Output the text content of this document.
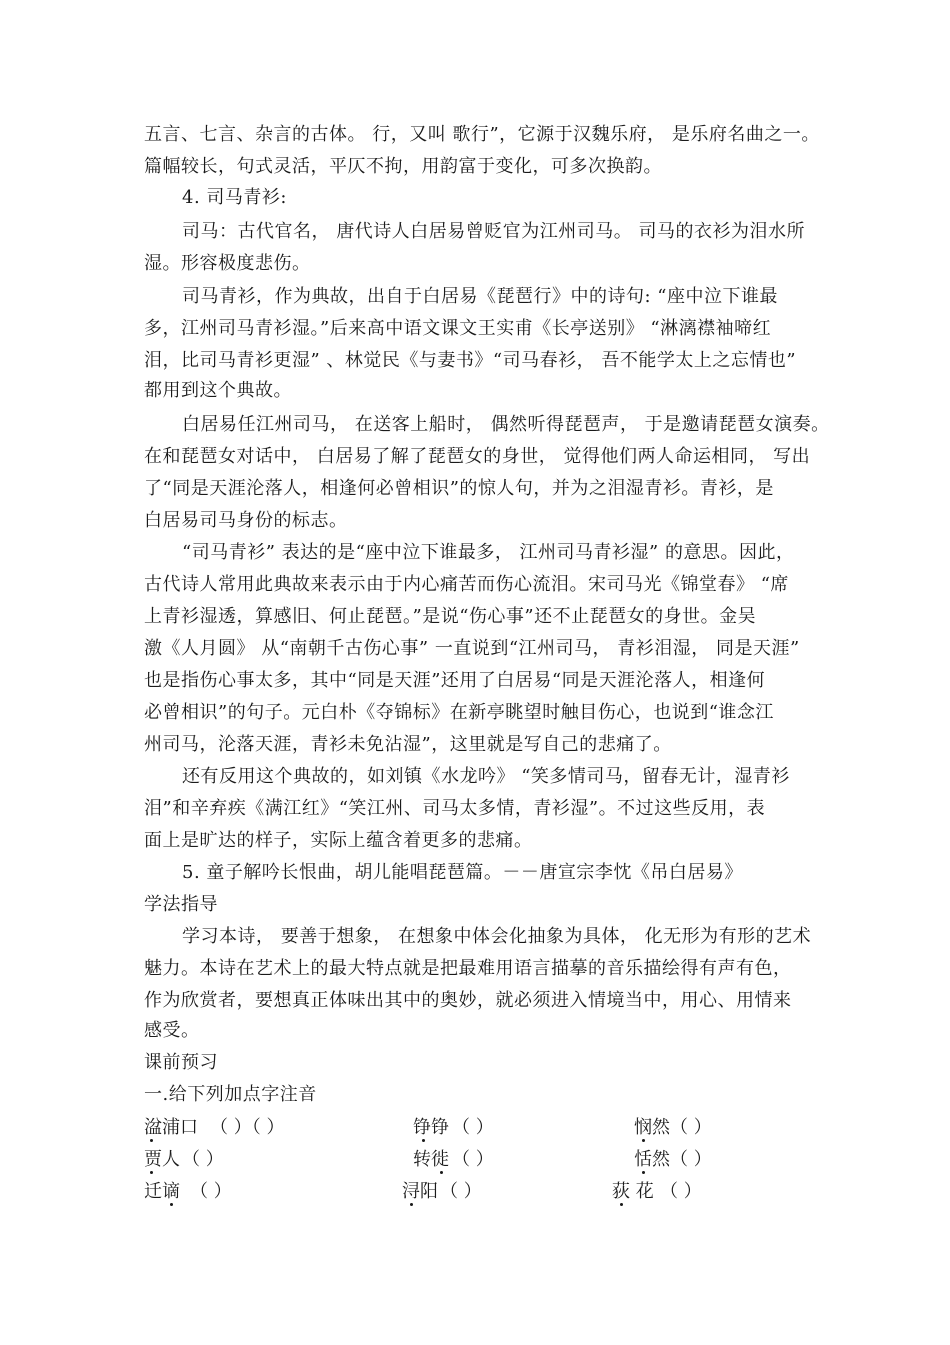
五言、七言、杂言的古体。 行，又叫 歌行”，它源于汉魏乐府， 是乐府名曲之一。
篇幅较长，句式灵活，平仄不拘，用韵富于变化，可多次换韵。
4. 司马青衫:
司马：古代官名， 唐代诗人白居易曾贬官为江州司马。 司马的衣衫为泪水所
湿。形容极度悲伤。
司马青衫，作为典故，出自于白居易《琵琶行》中的诗句: “座中泣下谁最
多，江州司马青衫湿。”后来高中语文课文王实甫《长亭送别》 “淋漓襟袖啼红
泪，比司马青衫更湿” 、林觉民《与妻书》“司马春衫， 吾不能学太上之忘情也”
都用到这个典故。
白居易任江州司马， 在送客上船时， 偶然听得琵琶声， 于是邀请琵琶女演奏。
在和琵琶女对话中， 白居易了解了琵琶女的身世， 觉得他们两人命运相同， 写出
了“同是天涯沦落人，相逢何必曾相识”的惊人句，并为之泪湿青衫。青衫，是
白居易司马身份的标志。
“司马青衫” 表达的是“座中泣下谁最多， 江州司马青衫湿” 的意思。因此，
古代诗人常用此典故来表示由于内心痛苦而伤心流泪。宋司马光《锦堂春》 “席
上青衫湿透，算感旧、何止琵琶。”是说“伤心事”还不止琵琶女的身世。金吴
激《人月圆》 从“南朝千古伤心事” 一直说到“江州司马， 青衫泪湿， 同是天涯”
也是指伤心事太多，其中“同是天涯”还用了白居易“同是天涯沦落人，相逢何
必曾相识”的句子。元白朴《夺锦标》在新亭眺望时触目伤心，也说到“谁念江
州司马，沦落天涯，青衫未免沾湿”，这里就是写自己的悲痛了。
还有反用这个典故的，如刘镇《水龙吟》 “笑多情司马，留春无计，湿青衫
泪”和辛弃疾《满江红》“笑江州、司马太多情，青衫湿”。不过这些反用，表
面上是旷达的样子，实际上蕴含着更多的悲痛。
5. 童子解吟长恨曲，胡儿能唱琵琶篇。－－唐宣宗李忱《吊白居易》
学法指导
学习本诗， 要善于想象， 在想象中体会化抽象为具体， 化无形为有形的艺术
魅力。本诗在艺术上的最大特点就是把最难用语言描摹的音乐描绘得有声有色，
作为欣赏者，要想真正体味出其中的奥妙，就必须进入情境当中，用心、用情来
感受。
课前预习
一.给下列加点字注音
湓浦口 （ ）（ ）	铮铮 （ ）	悯然 （ ）
贾人 （ ）	转徙 （ ）	恬然 （ ）
迁谪 （ ）	浔阳 （ ）	荻 花 （ ）
